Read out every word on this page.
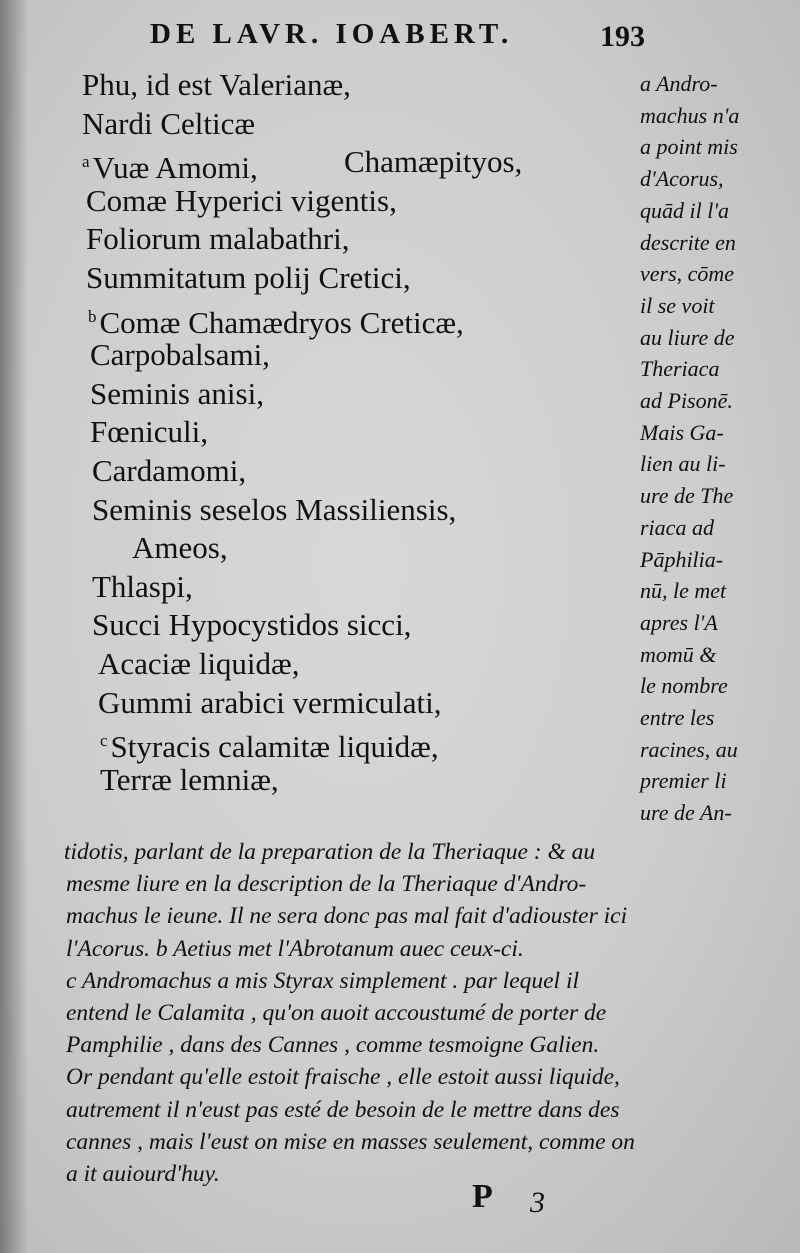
DE LAVR. IOABERT.	193
Phu, id est Valerianæ,
Nardi Celticæ
$^a$Vuæ Amomi,	Chamæpityos,
Comæ Hyperici vigentis,
Foliorum malabathri,
Summitatum polij Cretici,
$^b$Comæ Chamædryos Creticæ,
Carpobalsami,
Seminis anisi,
Fœniculi,
Cardamomi,
Seminis seselos Massiliensis,
Ameos,
Thlaspi,
Succi Hypocystidos sicci,
Acaciæ liquidæ,
Gummi arabici vermiculati,
$^c$Styracis calamitæ liquidæ,
Terræ lemniæ,
a Andro-
machus n'a
a point mis
d'Acorus,
quād il l'a
descrite en
vers, cōme
il se voit
au liure de
Theriaca
ad Pisonē.
Mais Ga-
lien au li-
ure de The
riaca ad
Pāphilia-
nū, le met
apres l'A
momū &
le nombre
entre les
racines, au
premier li
ure de An-
tidotis, parlant de la preparation de la Theriaque : & au
mesme liure en la description de la Theriaque d'Andro-
machus le ieune. Il ne sera donc pas mal fait d'adiouster ici
l'Acorus. b Aetius met l'Abrotanum auec ceux-ci.
c Andromachus a mis Styrax simplement . par lequel il
entend le Calamita , qu'on auoit accoustumé de porter de
Pamphilie , dans des Cannes , comme tesmoigne Galien.
Or pendant qu'elle estoit fraische , elle estoit aussi liquide,
autrement il n'eust pas esté de besoin de le mettre dans des
cannes , mais l'eust on mise en masses seulement, comme on
a it auiourd'huy.
P 3
